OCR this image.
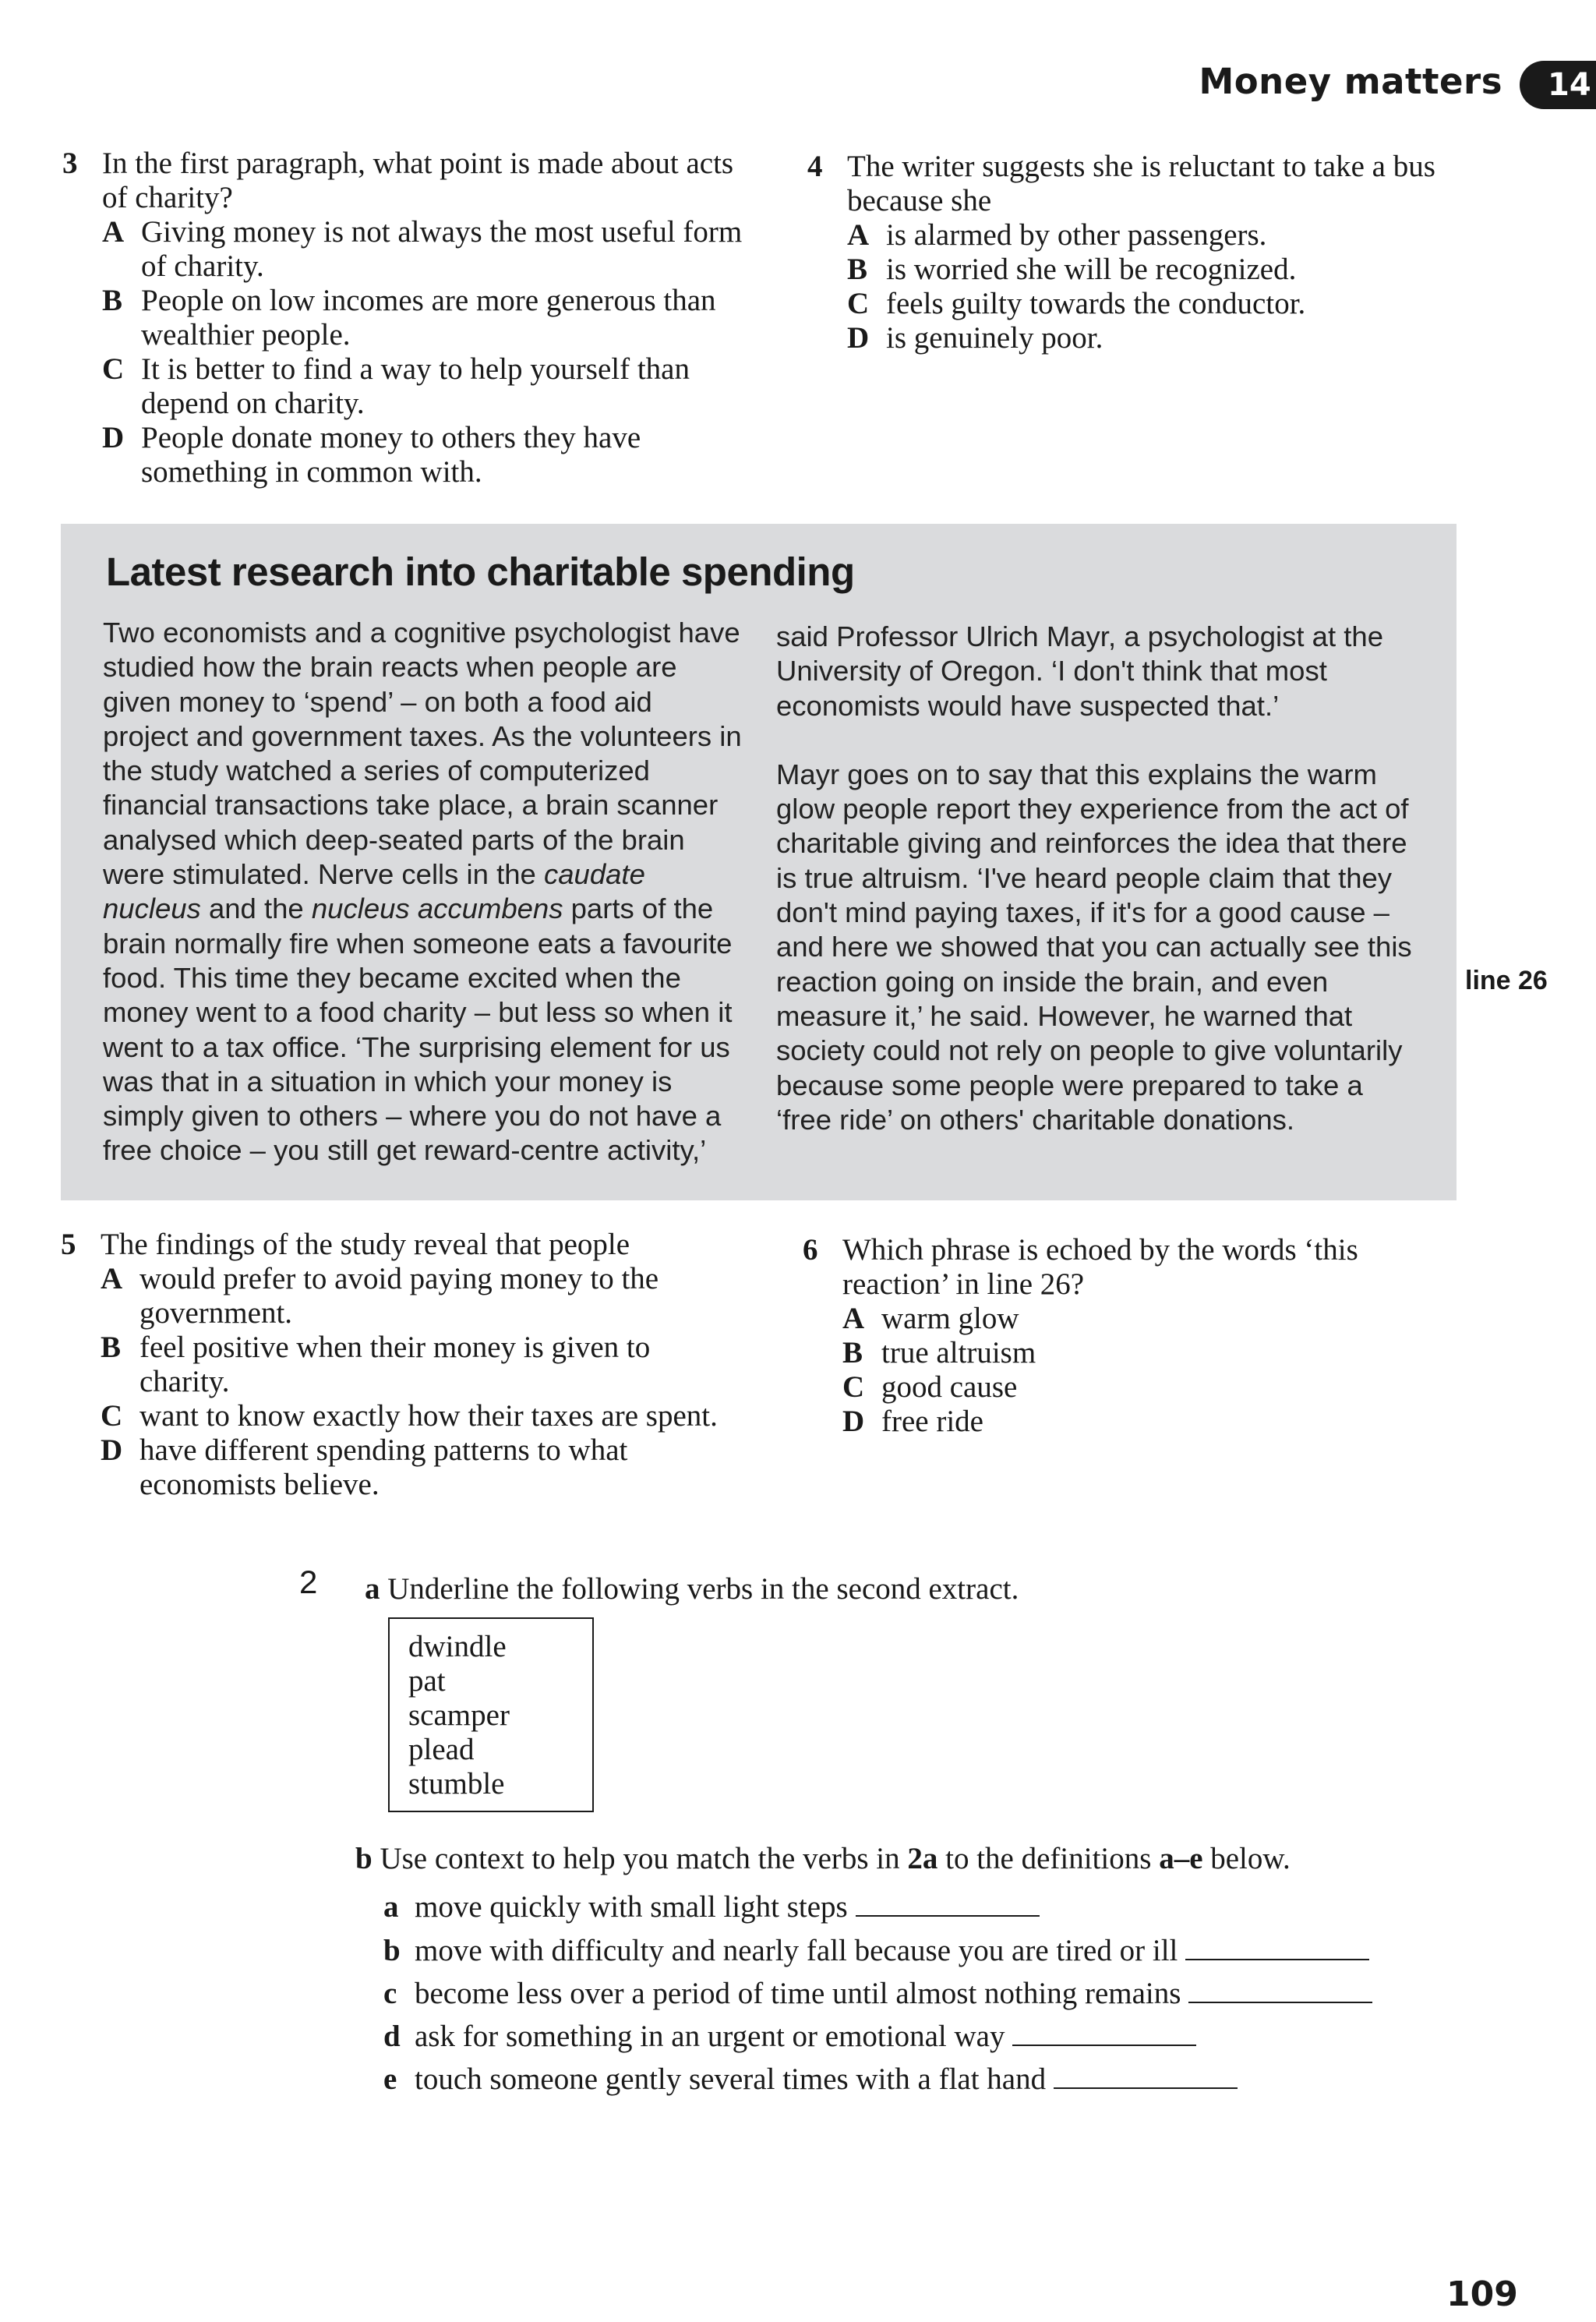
Money matters	14
3 In the first paragraph, what point is made about acts of charity?
A Giving money is not always the most useful form of charity.
B People on low incomes are more generous than wealthier people.
C It is better to find a way to help yourself than depend on charity.
D People donate money to others they have something in common with.
4 The writer suggests she is reluctant to take a bus because she
A is alarmed by other passengers.
B is worried she will be recognized.
C feels guilty towards the conductor.
D is genuinely poor.
Latest research into charitable spending

Two economists and a cognitive psychologist have studied how the brain reacts when people are given money to ‘spend’ – on both a food aid project and government taxes. As the volunteers in the study watched a series of computerized financial transactions take place, a brain scanner analysed which deep-seated parts of the brain were stimulated. Nerve cells in the caudate nucleus and the nucleus accumbens parts of the brain normally fire when someone eats a favourite food. This time they became excited when the money went to a food charity – but less so when it went to a tax office. ‘The surprising element for us was that in a situation in which your money is simply given to others – where you do not have a free choice – you still get reward-centre activity,’

said Professor Ulrich Mayr, a psychologist at the University of Oregon. ‘I don't think that most economists would have suspected that.’

Mayr goes on to say that this explains the warm glow people report they experience from the act of charitable giving and reinforces the idea that there is true altruism. ‘I've heard people claim that they don't mind paying taxes, if it's for a good cause – and here we showed that you can actually see this reaction going on inside the brain, and even measure it,’ he said. However, he warned that society could not rely on people to give voluntarily because some people were prepared to take a ‘free ride’ on others' charitable donations.

line 26
5 The findings of the study reveal that people
A would prefer to avoid paying money to the government.
B feel positive when their money is given to charity.
C want to know exactly how their taxes are spent.
D have different spending patterns to what economists believe.
6 Which phrase is echoed by the words ‘this reaction’ in line 26?
A warm glow
B true altruism
C good cause
D free ride
2 a Underline the following verbs in the second extract.
dwindle
pat
scamper
plead
stumble
b Use context to help you match the verbs in 2a to the definitions a–e below.
a move quickly with small light steps
b move with difficulty and nearly fall because you are tired or ill
c become less over a period of time until almost nothing remains
d ask for something in an urgent or emotional way
e touch someone gently several times with a flat hand
109
